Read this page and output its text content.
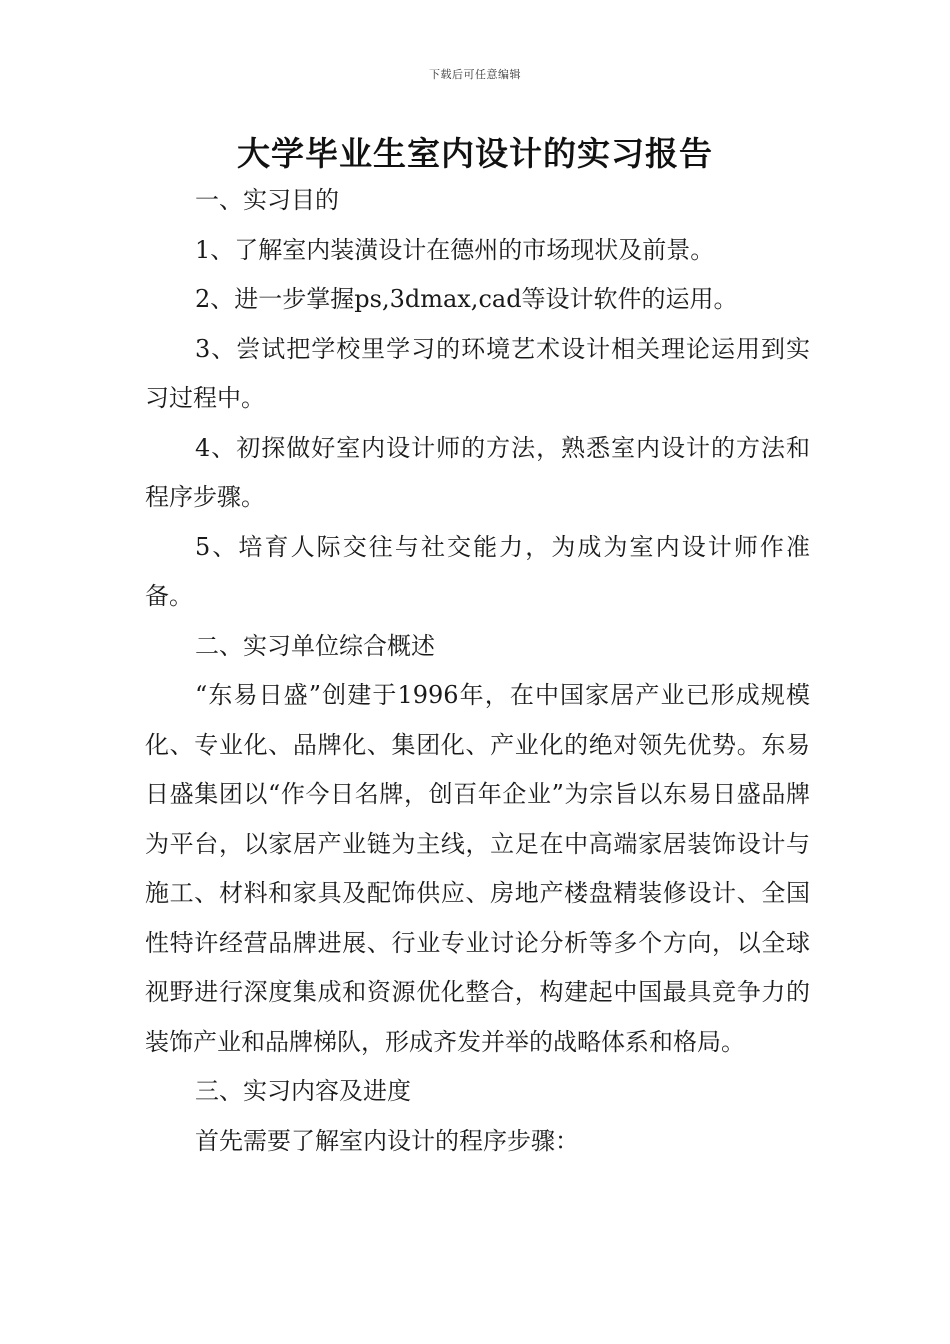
下载后可任意编辑
大学毕业生室内设计的实习报告

一、实习目的

1、了解室内装潢设计在德州的市场现状及前景。

2、进一步掌握ps,3dmax,cad等设计软件的运用。

3、尝试把学校里学习的环境艺术设计相关理论运用到实习过程中。

4、初探做好室内设计师的方法，熟悉室内设计的方法和程序步骤。

5、培育人际交往与社交能力，为成为室内设计师作准备。

二、实习单位综合概述

“东易日盛”创建于1996年，在中国家居产业已形成规模化、专业化、品牌化、集团化、产业化的绝对领先优势。东易日盛集团以“作今日名牌，创百年企业”为宗旨以东易日盛品牌为平台，以家居产业链为主线，立足在中高端家居装饰设计与施工、材料和家具及配饰供应、房地产楼盘精装修设计、全国性特许经营品牌进展、行业专业讨论分析等多个方向，以全球视野进行深度集成和资源优化整合，构建起中国最具竞争力的装饰产业和品牌梯队，形成齐发并举的战略体系和格局。

三、实习内容及进度

首先需要了解室内设计的程序步骤：
